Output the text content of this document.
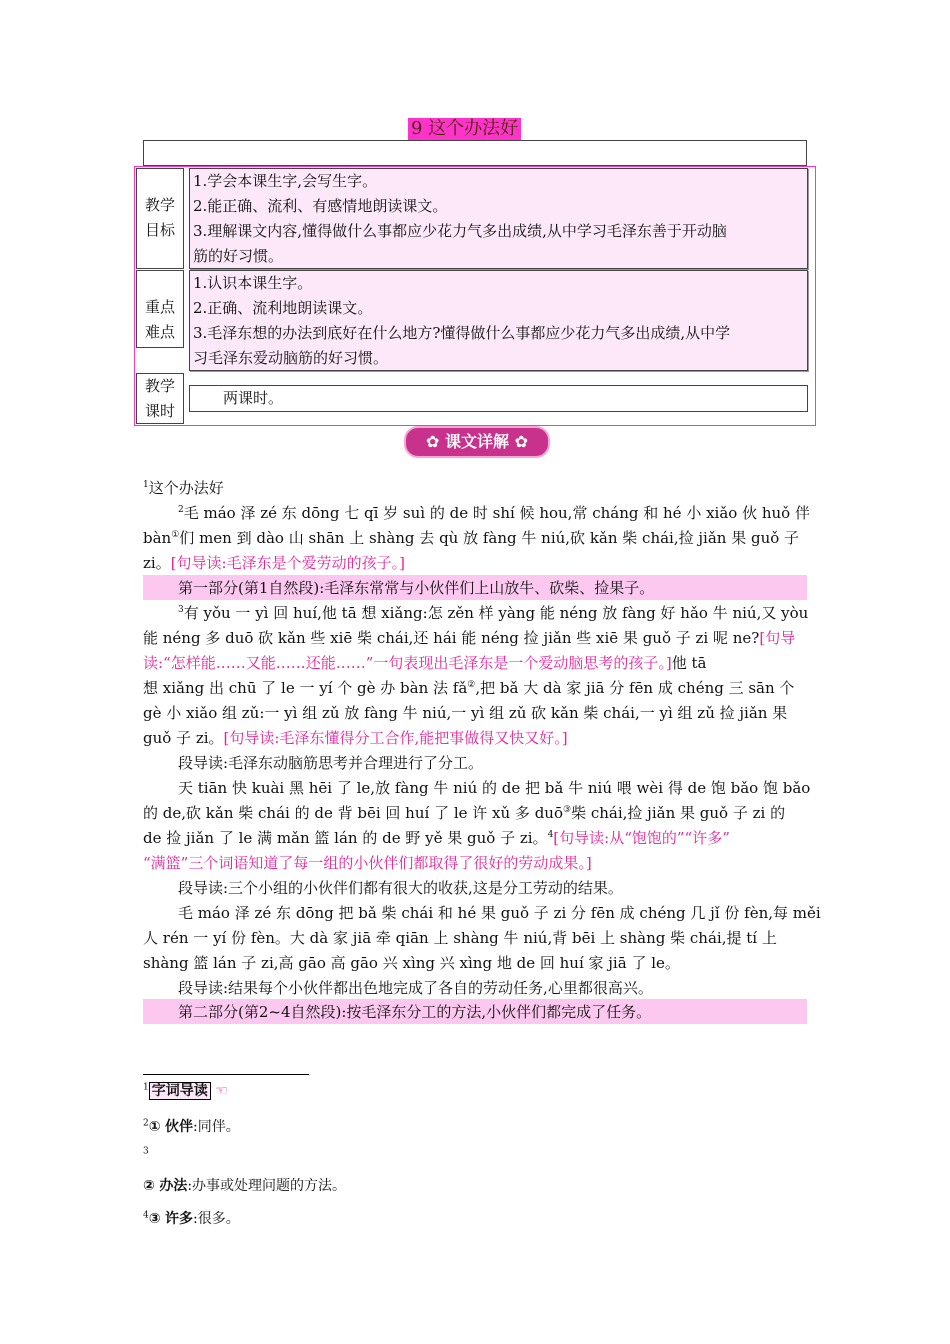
9 这个办法好
教学
目标
1.学会本课生字,会写生字。
2.能正确、流利、有感情地朗读课文。
3.理解课文内容,懂得做什么事都应少花力气多出成绩,从中学习毛泽东善于开动脑
筋的好习惯。
重点
难点
1.认识本课生字。
2.正确、流利地朗读课文。
3.毛泽东想的办法到底好在什么地方?懂得做什么事都应少花力气多出成绩,从中学
习毛泽东爱动脑筋的好习惯。
教学
课时
　　两课时。
✿ 课文详解 ✿
$^1$这个办法好
$^2$毛 máo 泽 zé 东 dōng 七 qī 岁 suì 的 de 时 shí 候 hou,常 cháng 和 hé 小 xiǎo 伙 huǒ 伴
bàn①们 men 到 dào 山 shān 上 shàng 去 qù 放 fàng 牛 niú,砍 kǎn 柴 chái,捡 jiǎn 果 guǒ 子
zi。[句导读:毛泽东是个爱劳动的孩子。]
第一部分(第1自然段):毛泽东常常与小伙伴们上山放牛、砍柴、捡果子。
$^3$有 yǒu 一 yì 回 huí,他 tā 想 xiǎng:怎 zěn 样 yàng 能 néng 放 fàng 好 hǎo 牛 niú,又 yòu
能 néng 多 duō 砍 kǎn 些 xiē 柴 chái,还 hái 能 néng 捡 jiǎn 些 xiē 果 guǒ 子 zi 呢 ne?[句导
读:“怎样能……又能……还能……”一句表现出毛泽东是一个爱动脑思考的孩子。]他 tā
想 xiǎng 出 chū 了 le 一 yí 个 gè 办 bàn 法 fǎ②,把 bǎ 大 dà 家 jiā 分 fēn 成 chéng 三 sān 个
gè 小 xiǎo 组 zǔ:一 yì 组 zǔ 放 fàng 牛 niú,一 yì 组 zǔ 砍 kǎn 柴 chái,一 yì 组 zǔ 捡 jiǎn 果
guǒ 子 zi。[句导读:毛泽东懂得分工合作,能把事做得又快又好。]
段导读:毛泽东动脑筋思考并合理进行了分工。
天 tiān 快 kuài 黑 hēi 了 le,放 fàng 牛 niú 的 de 把 bǎ 牛 niú 喂 wèi 得 de 饱 bǎo 饱 bǎo
的 de,砍 kǎn 柴 chái 的 de 背 bēi 回 huí 了 le 许 xǔ 多 duō③柴 chái,捡 jiǎn 果 guǒ 子 zi 的
de 捡 jiǎn 了 le 满 mǎn 篮 lán 的 de 野 yě 果 guǒ 子 zi。$^4$[句导读:从“饱饱的”“许多”
“满篮”三个词语知道了每一组的小伙伴们都取得了很好的劳动成果。]
段导读:三个小组的小伙伴们都有很大的收获,这是分工劳动的结果。
毛 máo 泽 zé 东 dōng 把 bǎ 柴 chái 和 hé 果 guǒ 子 zi 分 fēn 成 chéng 几 jǐ 份 fèn,每 měi
人 rén 一 yí 份 fèn。大 dà 家 jiā 牵 qiān 上 shàng 牛 niú,背 bēi 上 shàng 柴 chái,提 tí 上
shàng 篮 lán 子 zi,高 gāo 高 gāo 兴 xìng 兴 xìng 地 de 回 huí 家 jiā 了 le。
段导读:结果每个小伙伴都出色地完成了各自的劳动任务,心里都很高兴。
第二部分(第2~4自然段):按毛泽东分工的方法,小伙伴们都完成了任务。
$^1$ 字词导读 ☜
$^2$① 伙伴:同伴。
$^3$
② 办法:办事或处理问题的方法。
$^4$③ 许多:很多。
